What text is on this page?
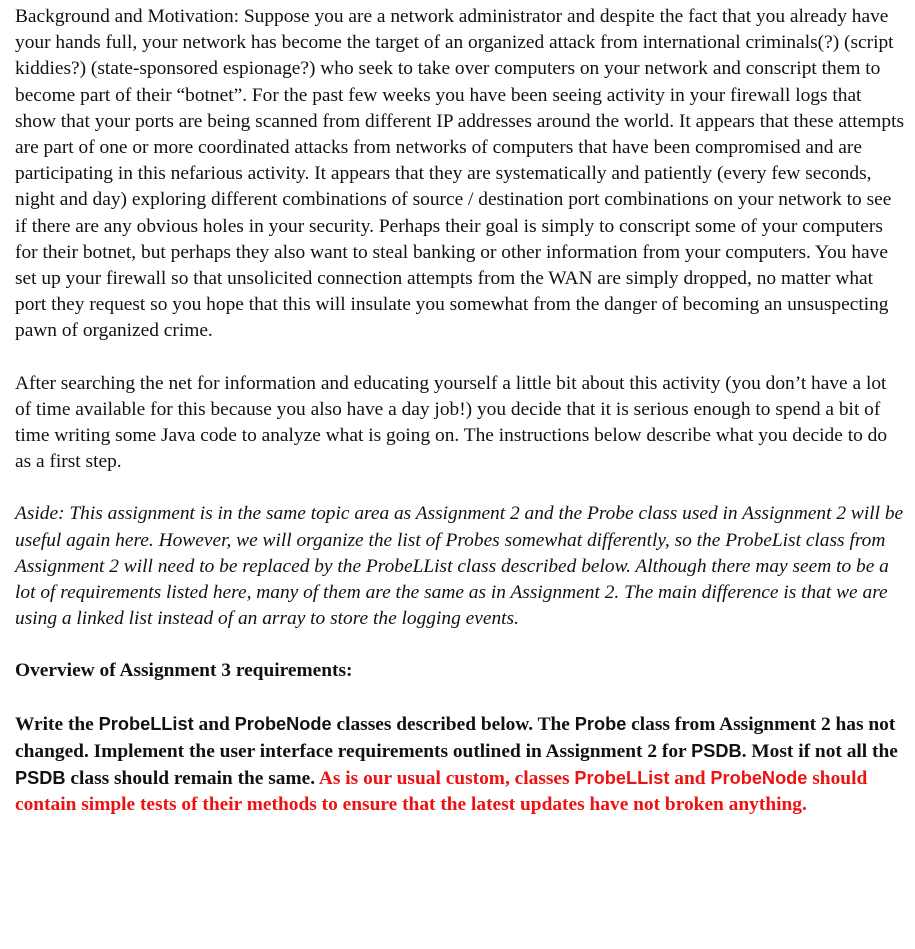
Background and Motivation: Suppose you are a network administrator and despite the fact that you already have your hands full, your network has become the target of an organized attack from international criminals(?) (script kiddies?) (state-sponsored espionage?) who seek to take over computers on your network and conscript them to become part of their “botnet”. For the past few weeks you have been seeing activity in your firewall logs that show that your ports are being scanned from different IP addresses around the world. It appears that these attempts are part of one or more coordinated attacks from networks of computers that have been compromised and are participating in this nefarious activity. It appears that they are systematically and patiently (every few seconds, night and day) exploring different combinations of source / destination port combinations on your network to see if there are any obvious holes in your security. Perhaps their goal is simply to conscript some of your computers for their botnet, but perhaps they also want to steal banking or other information from your computers. You have set up your firewall so that unsolicited connection attempts from the WAN are simply dropped, no matter what port they request so you hope that this will insulate you somewhat from the danger of becoming an unsuspecting pawn of organized crime.

After searching the net for information and educating yourself a little bit about this activity (you don’t have a lot of time available for this because you also have a day job!) you decide that it is serious enough to spend a bit of time writing some Java code to analyze what is going on. The instructions below describe what you decide to do as a first step.

Aside: This assignment is in the same topic area as Assignment 2 and the Probe class used in Assignment 2 will be useful again here. However, we will organize the list of Probes somewhat differently, so the ProbeList class from Assignment 2 will need to be replaced by the ProbeLList class described below. Although there may seem to be a lot of requirements listed here, many of them are the same as in Assignment 2. The main difference is that we are using a linked list instead of an array to store the logging events.

Overview of Assignment 3 requirements:

Write the ProbeLList and ProbeNode classes described below. The Probe class from Assignment 2 has not changed. Implement the user interface requirements outlined in Assignment 2 for PSDB. Most if not all the PSDB class should remain the same. As is our usual custom, classes ProbeLList and ProbeNode should contain simple tests of their methods to ensure that the latest updates have not broken anything.
